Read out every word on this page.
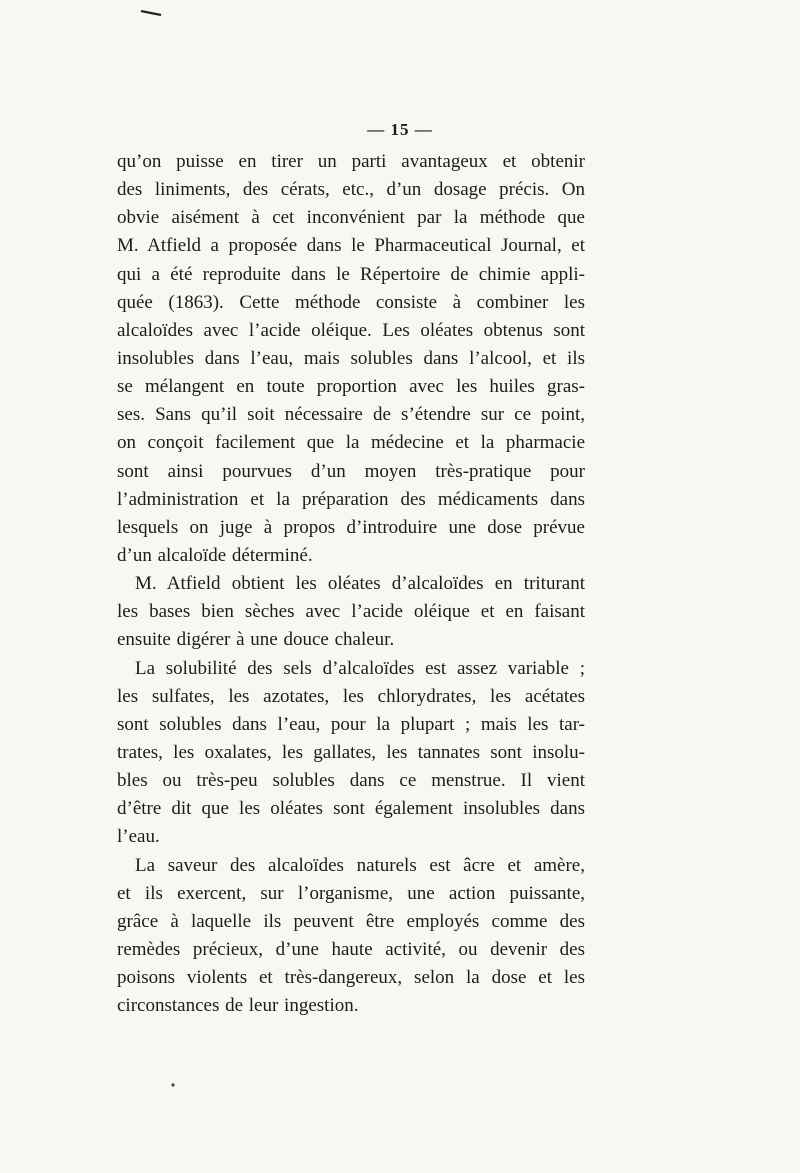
— 15 —
qu’on puisse en tirer un parti avantageux et obtenir
des liniments, des cérats, etc., d’un dosage précis. On
obvie aisément à cet inconvénient par la méthode que
M. Atfield a proposée dans le Pharmaceutical Journal, et
qui a été reproduite dans le Répertoire de chimie appli-
quée (1863). Cette méthode consiste à combiner les
alcaloïdes avec l’acide oléique. Les oléates obtenus sont
insolubles dans l’eau, mais solubles dans l’alcool, et ils
se mélangent en toute proportion avec les huiles gras-
ses. Sans qu’il soit nécessaire de s’étendre sur ce point,
on conçoit facilement que la médecine et la pharmacie
sont ainsi pourvues d’un moyen très-pratique pour
l’administration et la préparation des médicaments dans
lesquels on juge à propos d’introduire une dose prévue
d’un alcaloïde déterminé.
M. Atfield obtient les oléates d’alcaloïdes en triturant
les bases bien sèches avec l’acide oléique et en faisant
ensuite digérer à une douce chaleur.
La solubilité des sels d’alcaloïdes est assez variable ;
les sulfates, les azotates, les chlorydrates, les acétates
sont solubles dans l’eau, pour la plupart ; mais les tar-
trates, les oxalates, les gallates, les tannates sont insolu-
bles ou très-peu solubles dans ce menstrue. Il vient
d’être dit que les oléates sont également insolubles dans
l’eau.
La saveur des alcaloïdes naturels est âcre et amère,
et ils exercent, sur l’organisme, une action puissante,
grâce à laquelle ils peuvent être employés comme des
remèdes précieux, d’une haute activité, ou devenir des
poisons violents et très-dangereux, selon la dose et les
circonstances de leur ingestion.
